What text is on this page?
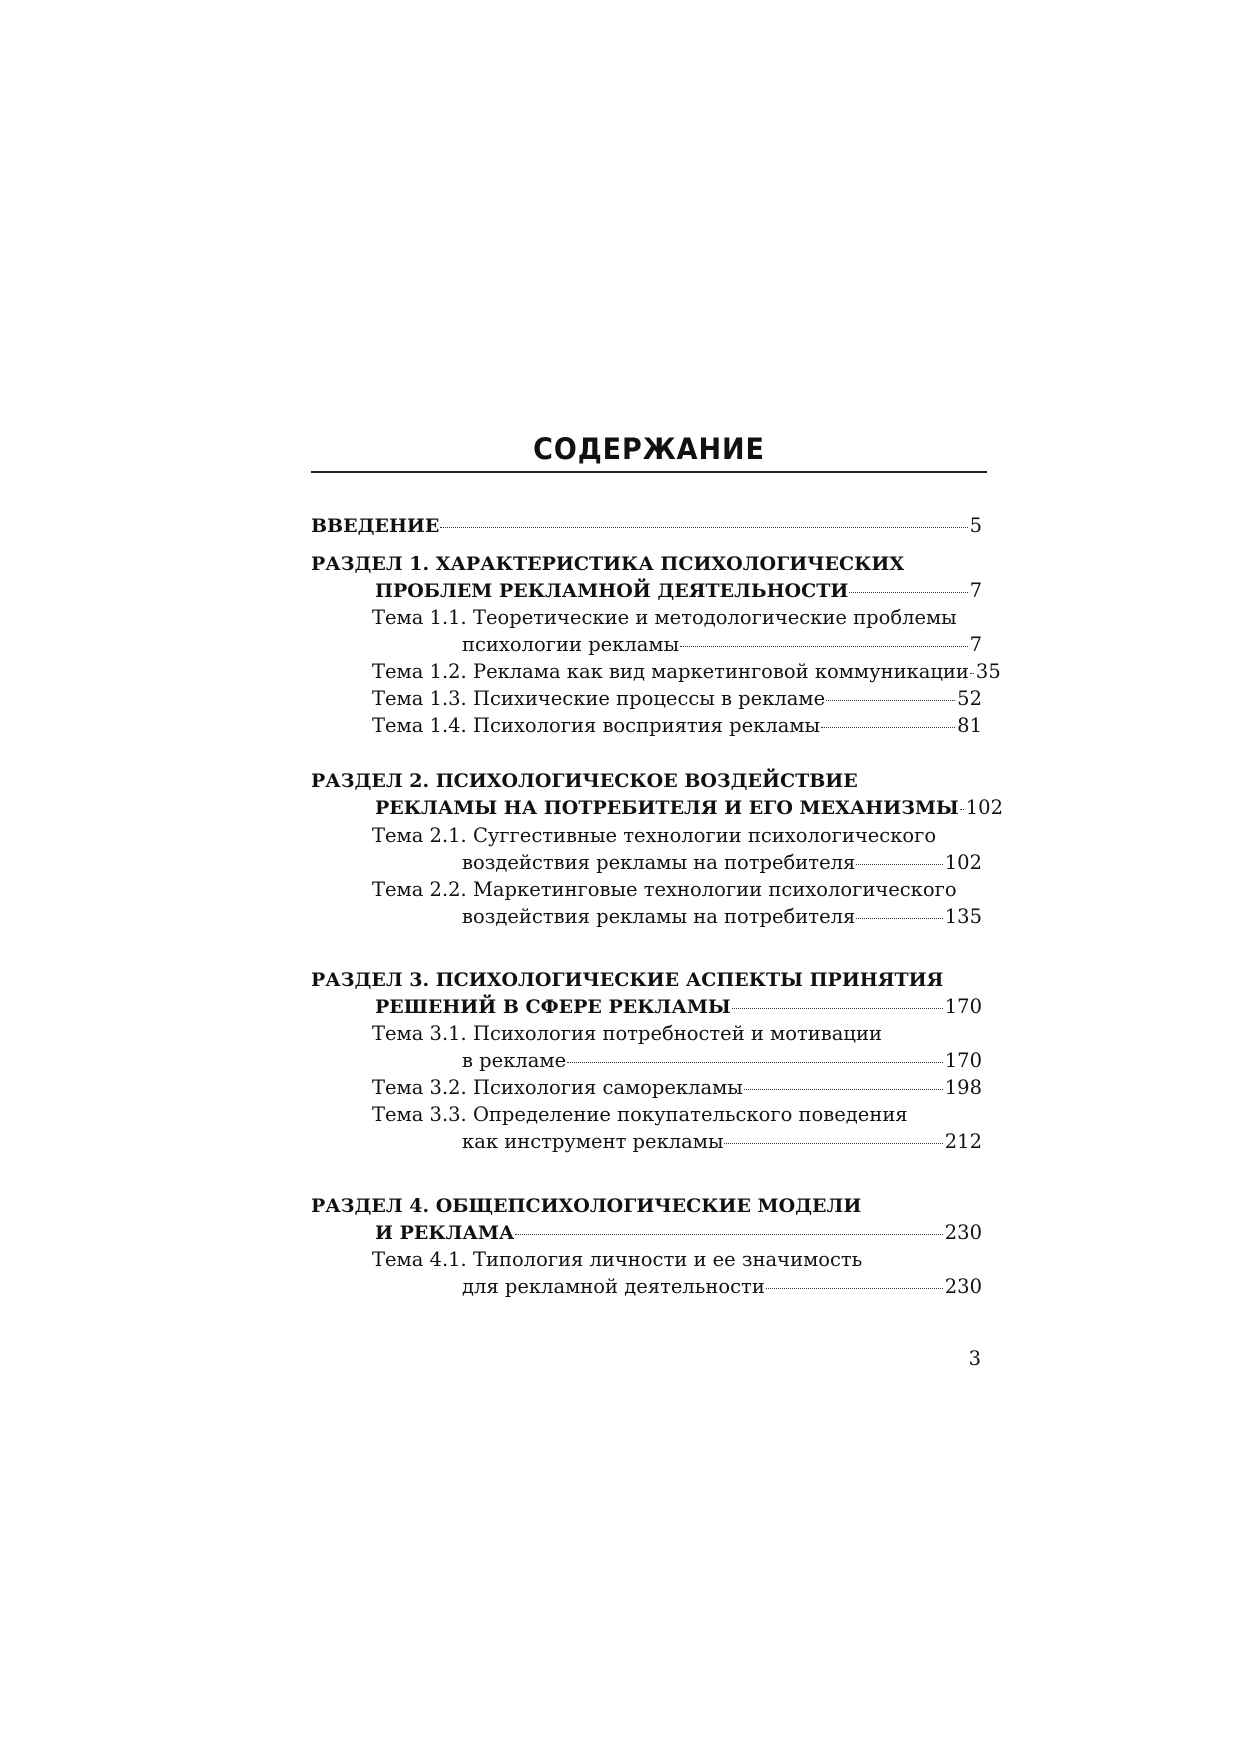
СОДЕРЖАНИЕ
ВВЕДЕНИЕ	5
РАЗДЕЛ 1. ХАРАКТЕРИСТИКА ПСИХОЛОГИЧЕСКИХ
ПРОБЛЕМ РЕКЛАМНОЙ ДЕЯТЕЛЬНОСТИ	7
Тема 1.1. Теоретические и методологические проблемы
психологии рекламы	7
Тема 1.2. Реклама как вид маркетинговой коммуникации 35
Тема 1.3. Психические процессы в рекламе	52
Тема 1.4. Психология восприятия рекламы	81
РАЗДЕЛ 2. ПСИХОЛОГИЧЕСКОЕ ВОЗДЕЙСТВИЕ
РЕКЛАМЫ НА ПОТРЕБИТЕЛЯ И ЕГО МЕХАНИЗМЫ 102
Тема 2.1. Суггестивные технологии психологического
воздействия рекламы на потребителя	102
Тема 2.2. Маркетинговые технологии психологического
воздействия рекламы на потребителя	135
РАЗДЕЛ 3. ПСИХОЛОГИЧЕСКИЕ АСПЕКТЫ ПРИНЯТИЯ
РЕШЕНИЙ В СФЕРЕ РЕКЛАМЫ	170
Тема 3.1. Психология потребностей и мотивации
в рекламе	170
Тема 3.2. Психология саморекламы	198
Тема 3.3. Определение покупательского поведения
как инструмент рекламы	212
РАЗДЕЛ 4. ОБЩЕПСИХОЛОГИЧЕСКИЕ МОДЕЛИ
И РЕКЛАМА	230
Тема 4.1. Типология личности и ее значимость
для рекламной деятельности	230
3
